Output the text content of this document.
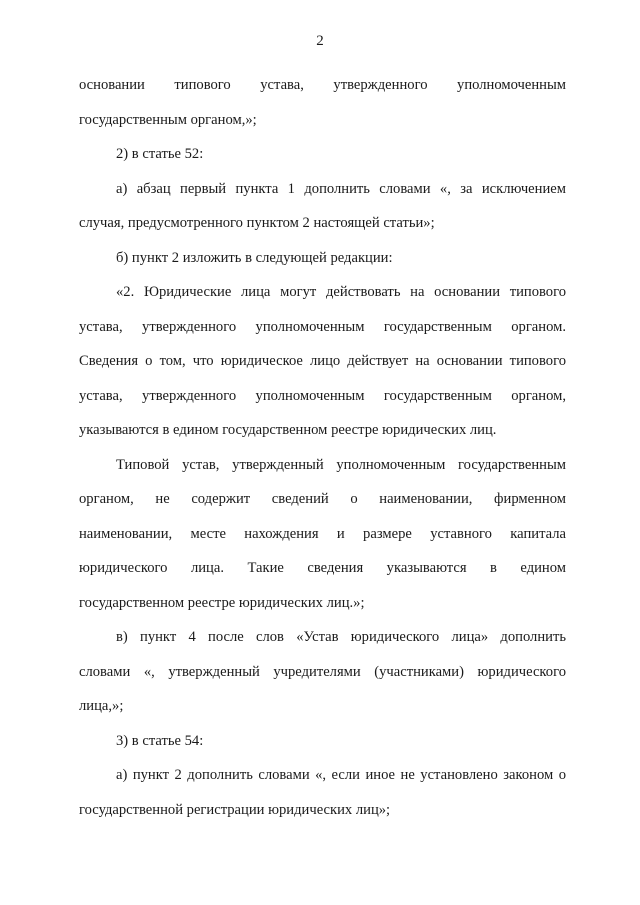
2
основании типового устава, утвержденного уполномоченным
государственным органом,»;
2) в статье 52:
а) абзац первый пункта 1 дополнить словами «, за исключением
случая, предусмотренного пунктом 2 настоящей статьи»;
б) пункт 2 изложить в следующей редакции:
«2. Юридические лица могут действовать на основании типового
устава, утвержденного уполномоченным государственным органом.
Сведения о том, что юридическое лицо действует на основании типового
устава, утвержденного уполномоченным государственным органом,
указываются в едином государственном реестре юридических лиц.
Типовой устав, утвержденный уполномоченным государственным
органом, не содержит сведений о наименовании, фирменном
наименовании, месте нахождения и размере уставного капитала
юридического лица. Такие сведения указываются в едином
государственном реестре юридических лиц.»;
в) пункт 4 после слов «Устав юридического лица» дополнить
словами «, утвержденный учредителями (участниками) юридического
лица,»;
3) в статье 54:
а) пункт 2 дополнить словами «, если иное не установлено законом о
государственной регистрации юридических лиц»;
